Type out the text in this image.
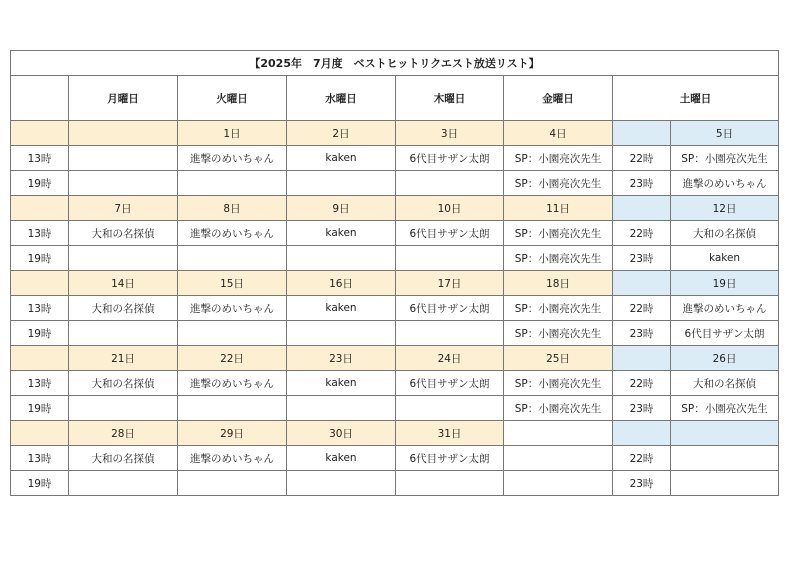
【2025年　7月度　ベストヒットリクエスト放送リスト】							
	月曜日	火曜日	水曜日	木曜日	金曜日	土曜日	
		1日	2日	3日	4日		5日
13時		進撃のめいちゃん	kaken	6代目サザン太朗	SP：小園亮次先生	22時	SP：小園亮次先生
19時					SP：小園亮次先生	23時	進撃のめいちゃん
	7日	8日	9日	10日	11日		12日
13時	大和の名探偵	進撃のめいちゃん	kaken	6代目サザン太朗	SP：小園亮次先生	22時	大和の名探偵
19時					SP：小園亮次先生	23時	kaken
	14日	15日	16日	17日	18日		19日
13時	大和の名探偵	進撃のめいちゃん	kaken	6代目サザン太朗	SP：小園亮次先生	22時	進撃のめいちゃん
19時					SP：小園亮次先生	23時	6代目サザン太朗
	21日	22日	23日	24日	25日		26日
13時	大和の名探偵	進撃のめいちゃん	kaken	6代目サザン太朗	SP：小園亮次先生	22時	大和の名探偵
19時					SP：小園亮次先生	23時	SP：小園亮次先生
	28日	29日	30日	31日			
13時	大和の名探偵	進撃のめいちゃん	kaken	6代目サザン太朗		22時	
19時						23時	
